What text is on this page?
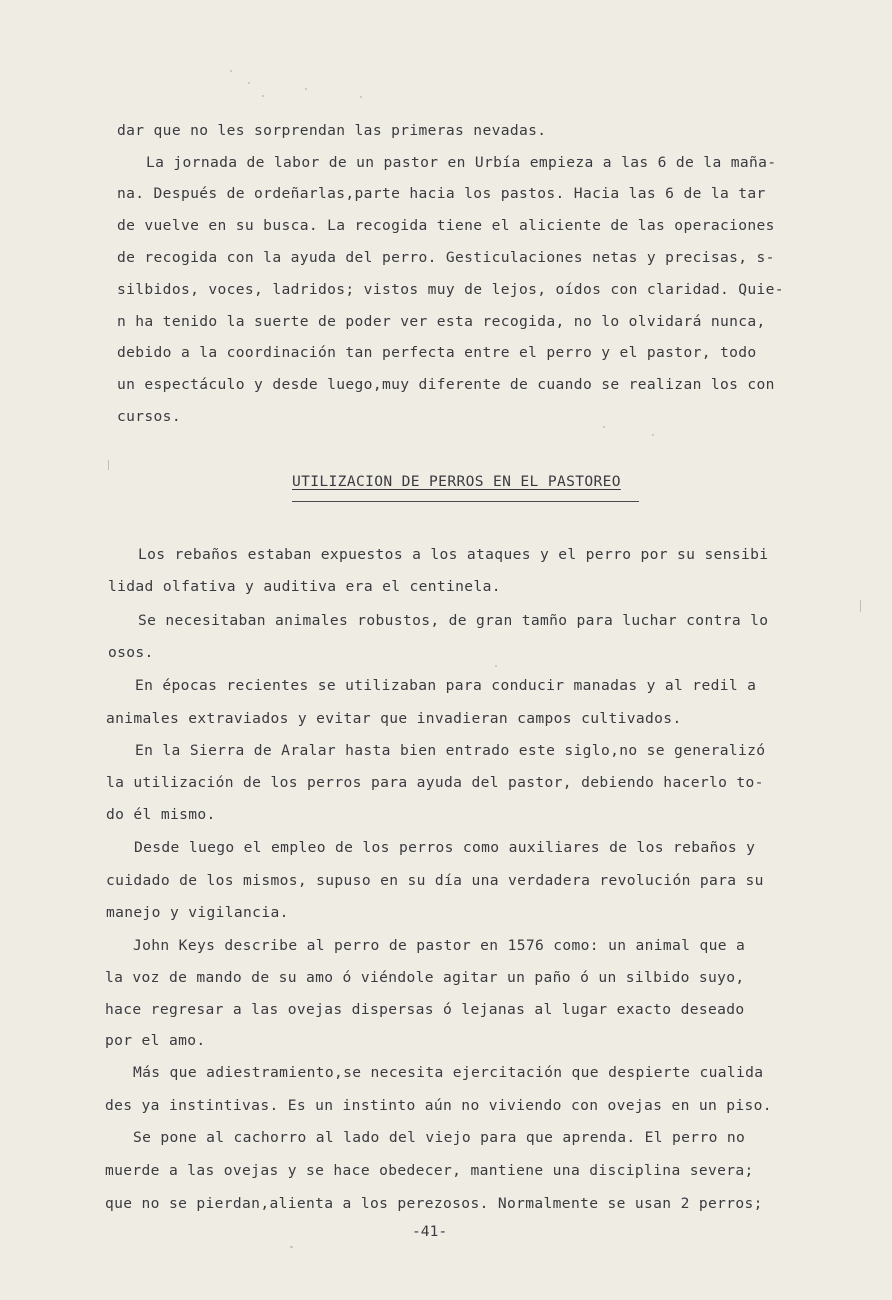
dar que no les sorprendan las primeras nevadas.
La jornada de labor de un pastor en Urbía empieza a las 6 de la maña-
na. Después de ordeñarlas,parte hacia los pastos. Hacia las 6 de la tar
de vuelve en su busca. La recogida tiene el aliciente de las operaciones
de recogida con la ayuda del perro. Gesticulaciones netas y precisas, s-
silbidos, voces, ladridos; vistos muy de lejos, oídos con claridad. Quie-
n ha tenido la suerte de poder ver esta recogida, no lo olvidará nunca,
debido a la coordinación tan perfecta entre el perro y el pastor, todo
un espectáculo y desde luego,muy diferente de cuando se realizan los con
cursos.
UTILIZACION DE PERROS EN EL PASTOREO
Los rebaños estaban expuestos a los ataques y el perro por su sensibi
lidad olfativa y auditiva era el centinela.
Se necesitaban animales robustos, de gran tamño para luchar contra lo
osos.
En épocas recientes se utilizaban para conducir manadas y al redil a
animales extraviados y evitar que invadieran campos cultivados.
En la Sierra de Aralar hasta bien entrado este siglo,no se generalizó
la utilización de los perros para ayuda del pastor, debiendo hacerlo to-
do él mismo.
Desde luego el empleo de los perros como auxiliares de los rebaños y
cuidado de los mismos, supuso en su día una verdadera revolución para su
manejo y vigilancia.
John Keys describe al perro de pastor en 1576 como: un animal que a
la voz de mando de su amo ó viéndole agitar un paño ó un silbido suyo,
hace regresar a las ovejas dispersas ó lejanas al lugar exacto deseado
por el amo.
Más que adiestramiento,se necesita ejercitación que despierte cualida
des ya instintivas. Es un instinto aún no viviendo con ovejas en un piso.
Se pone al cachorro al lado del viejo para que aprenda. El perro no
muerde a las ovejas y se hace obedecer, mantiene una disciplina severa;
que no se pierdan,alienta a los perezosos. Normalmente se usan 2 perros;
-41-
